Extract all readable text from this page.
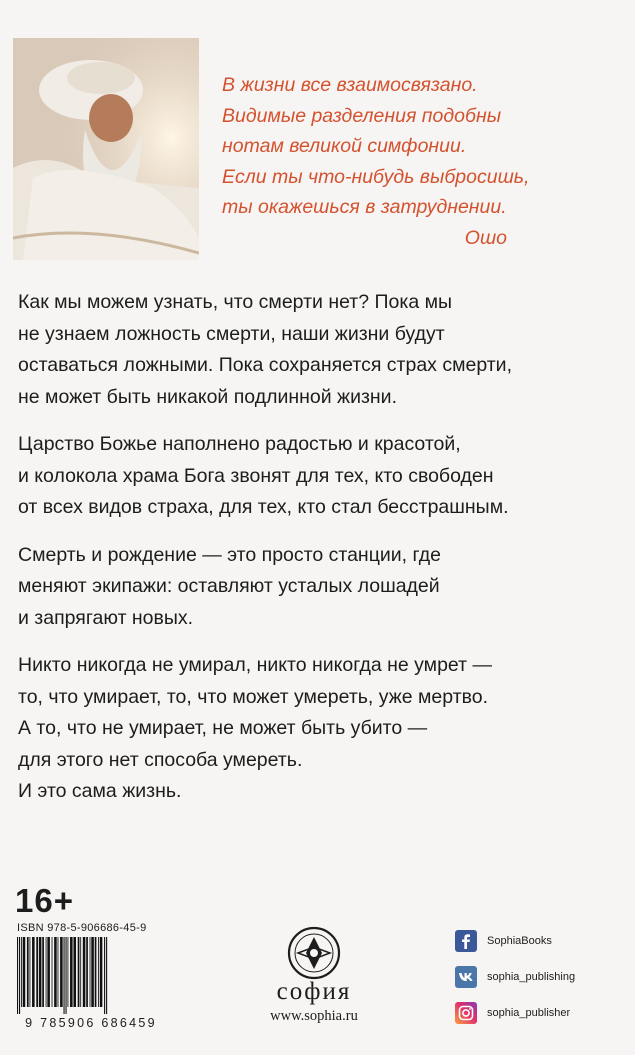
В жизни все взаимосвязано.
Видимые разделения подобны
нотам великой симфонии.
Если ты что-нибудь выбросишь,
ты окажешься в затруднении.
Ошо

Как мы можем узнать, что смерти нет? Пока мы
не узнаем ложность смерти, наши жизни будут
оставаться ложными. Пока сохраняется страх смерти,
не может быть никакой подлинной жизни.

Царство Божье наполнено радостью и красотой,
и колокола храма Бога звонят для тех, кто свободен
от всех видов страха, для тех, кто стал бесстрашным.

Смерть и рождение — это просто станции, где
меняют экипажи: оставляют усталых лошадей
и запрягают новых.

Никто никогда не умирал, никто никогда не умрет —
то, что умирает, то, что может умереть, уже мертво.
А то, что не умирает, не может быть убито —
для этого нет способа умереть.
И это сама жизнь.

16+
ISBN 978-5-906686-45-9
9 785906 686459
софия
www.sophia.ru
SophiaBooks
sophia_publishing
sophia_publisher
